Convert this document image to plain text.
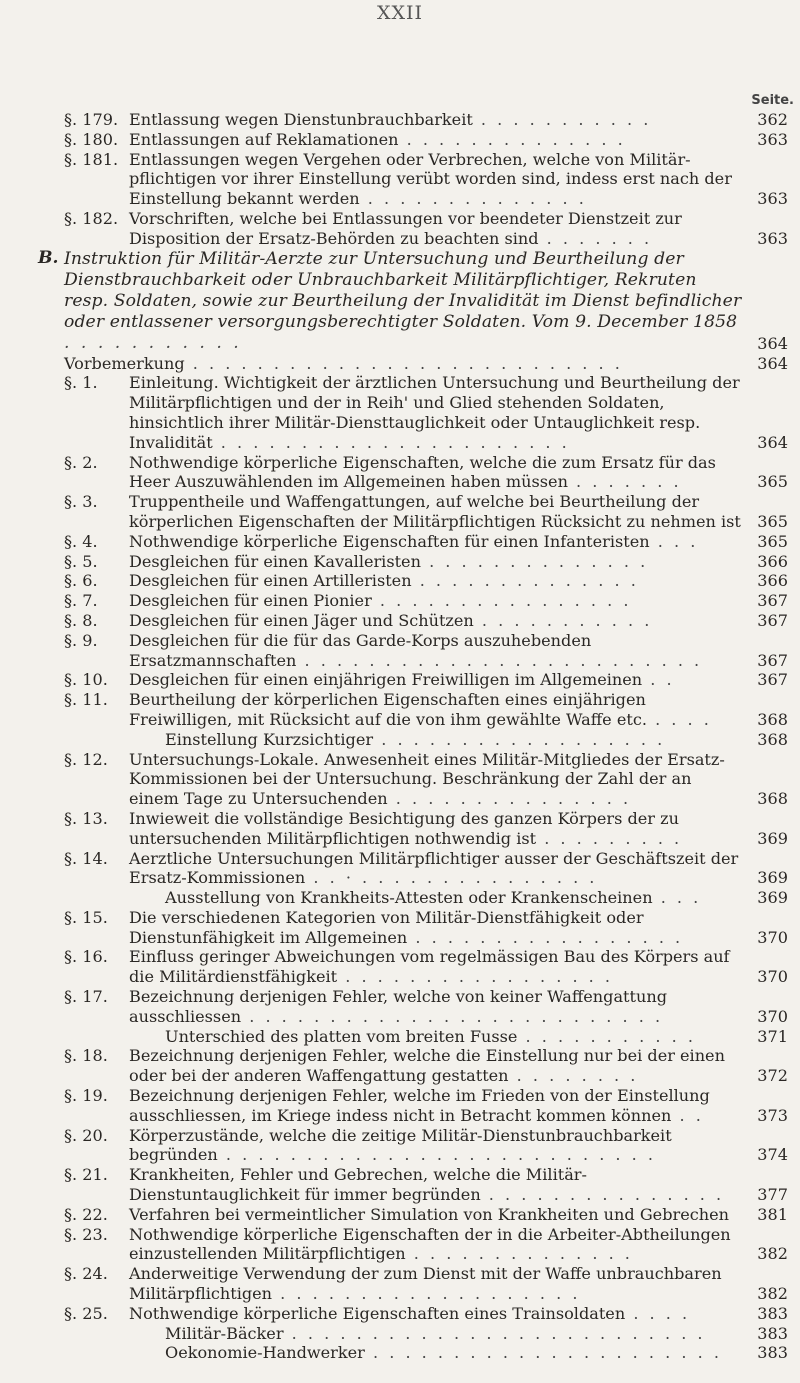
XXII
Seite.
§. 179. Entlassung wegen Dienstunbrauchbarkeit . . . . . . . . . . .	362
§. 180. Entlassungen auf Reklamationen . . . . . . . . . . . . . .	363
§. 181. Entlassungen wegen Vergehen oder Verbrechen, welche von Militär-pflichtigen vor ihrer Einstellung verübt worden sind, indess erst nach der Einstellung bekannt werden . . . . . . . . . . . . . .	363
§. 182. Vorschriften, welche bei Entlassungen vor beendeter Dienstzeit zur Disposition der Ersatz-Behörden zu beachten sind . . . . . . .	363
B. Instruktion für Militär-Aerzte zur Untersuchung und Beurtheilung der Dienstbrauchbarkeit oder Unbrauchbarkeit Militärpflichtiger, Rekruten resp. Soldaten, sowie zur Beurtheilung der Invalidität im Dienst befindlicher oder entlassener versorgungsberechtigter Soldaten. Vom 9. December 1858 . . . . . . . . . . .	364
Vorbemerkung . . . . . . . . . . . . . . . . . . . . . . . . . . .	364
§. 1. Einleitung. Wichtigkeit der ärztlichen Untersuchung und Beurtheilung der Militärpflichtigen und der in Reih' und Glied stehenden Soldaten, hinsichtlich ihrer Militär-Diensttauglichkeit oder Untauglichkeit resp. Invalidität . . . . . . . . . . . . . . . . . . . . . .	364
§. 2. Nothwendige körperliche Eigenschaften, welche die zum Ersatz für das Heer Auszuwählenden im Allgemeinen haben müssen . . . . . . .	365
§. 3. Truppentheile und Waffengattungen, auf welche bei Beurtheilung der körperlichen Eigenschaften der Militärpflichtigen Rücksicht zu nehmen ist	365
§. 4. Nothwendige körperliche Eigenschaften für einen Infanteristen . . .	365
§. 5. Desgleichen für einen Kavalleristen . . . . . . . . . . . . . .	366
§. 6. Desgleichen für einen Artilleristen . . . . . . . . . . . . . .	366
§. 7. Desgleichen für einen Pionier . . . . . . . . . . . . . . . .	367
§. 8. Desgleichen für einen Jäger und Schützen . . . . . . . . . . .	367
§. 9. Desgleichen für die für das Garde-Korps auszuhebenden Ersatzmannschaften . . . . . . . . . . . . . . . . . . . . . . . . .	367
§. 10. Desgleichen für einen einjährigen Freiwilligen im Allgemeinen . .	367
§. 11. Beurtheilung der körperlichen Eigenschaften eines einjährigen Freiwilligen, mit Rücksicht auf die von ihm gewählte Waffe etc. . . . .	368
Einstellung Kurzsichtiger . . . . . . . . . . . . . . . . . .	368
§. 12. Untersuchungs-Lokale. Anwesenheit eines Militär-Mitgliedes der Ersatz-Kommissionen bei der Untersuchung. Beschränkung der Zahl der an einem Tage zu Untersuchenden . . . . . . . . . . . . . . .	368
§. 13. Inwieweit die vollständige Besichtigung des ganzen Körpers der zu untersuchenden Militärpflichtigen nothwendig ist . . . . . . . . .	369
§. 14. Aerztliche Untersuchungen Militärpflichtiger ausser der Geschäftszeit der Ersatz-Kommissionen . . · . . . . . . . . . . . . . . .	369
Ausstellung von Krankheits-Attesten oder Krankenscheinen . . .	369
§. 15. Die verschiedenen Kategorien von Militär-Dienstfähigkeit oder Dienstunfähigkeit im Allgemeinen . . . . . . . . . . . . . . . . .	370
§. 16. Einfluss geringer Abweichungen vom regelmässigen Bau des Körpers auf die Militärdienstfähigkeit . . . . . . . . . . . . . . . . .	370
§. 17. Bezeichnung derjenigen Fehler, welche von keiner Waffengattung ausschliessen . . . . . . . . . . . . . . . . . . . . . . . . . .	370
Unterschied des platten vom breiten Fusse . . . . . . . . . . .	371
§. 18. Bezeichnung derjenigen Fehler, welche die Einstellung nur bei der einen oder bei der anderen Waffengattung gestatten . . . . . . . .	372
§. 19. Bezeichnung derjenigen Fehler, welche im Frieden von der Einstellung ausschliessen, im Kriege indess nicht in Betracht kommen können . .	373
§. 20. Körperzustände, welche die zeitige Militär-Dienstunbrauchbarkeit begründen . . . . . . . . . . . . . . . . . . . . . . . . . . .	374
§. 21. Krankheiten, Fehler und Gebrechen, welche die Militär-Dienstuntauglichkeit für immer begründen . . . . . . . . . . . . . . .	377
§. 22. Verfahren bei vermeintlicher Simulation von Krankheiten und Gebrechen	381
§. 23. Nothwendige körperliche Eigenschaften der in die Arbeiter-Abtheilungen einzustellenden Militärpflichtigen . . . . . . . . . . . . . .	382
§. 24. Anderweitige Verwendung der zum Dienst mit der Waffe unbrauchbaren Militärpflichtigen . . . . . . . . . . . . . . . . . . .	382
§. 25. Nothwendige körperliche Eigenschaften eines Trainsoldaten . . . .	383
Militär-Bäcker . . . . . . . . . . . . . . . . . . . . . . . . . .	383
Oekonomie-Handwerker . . . . . . . . . . . . . . . . . . . . . .	383
